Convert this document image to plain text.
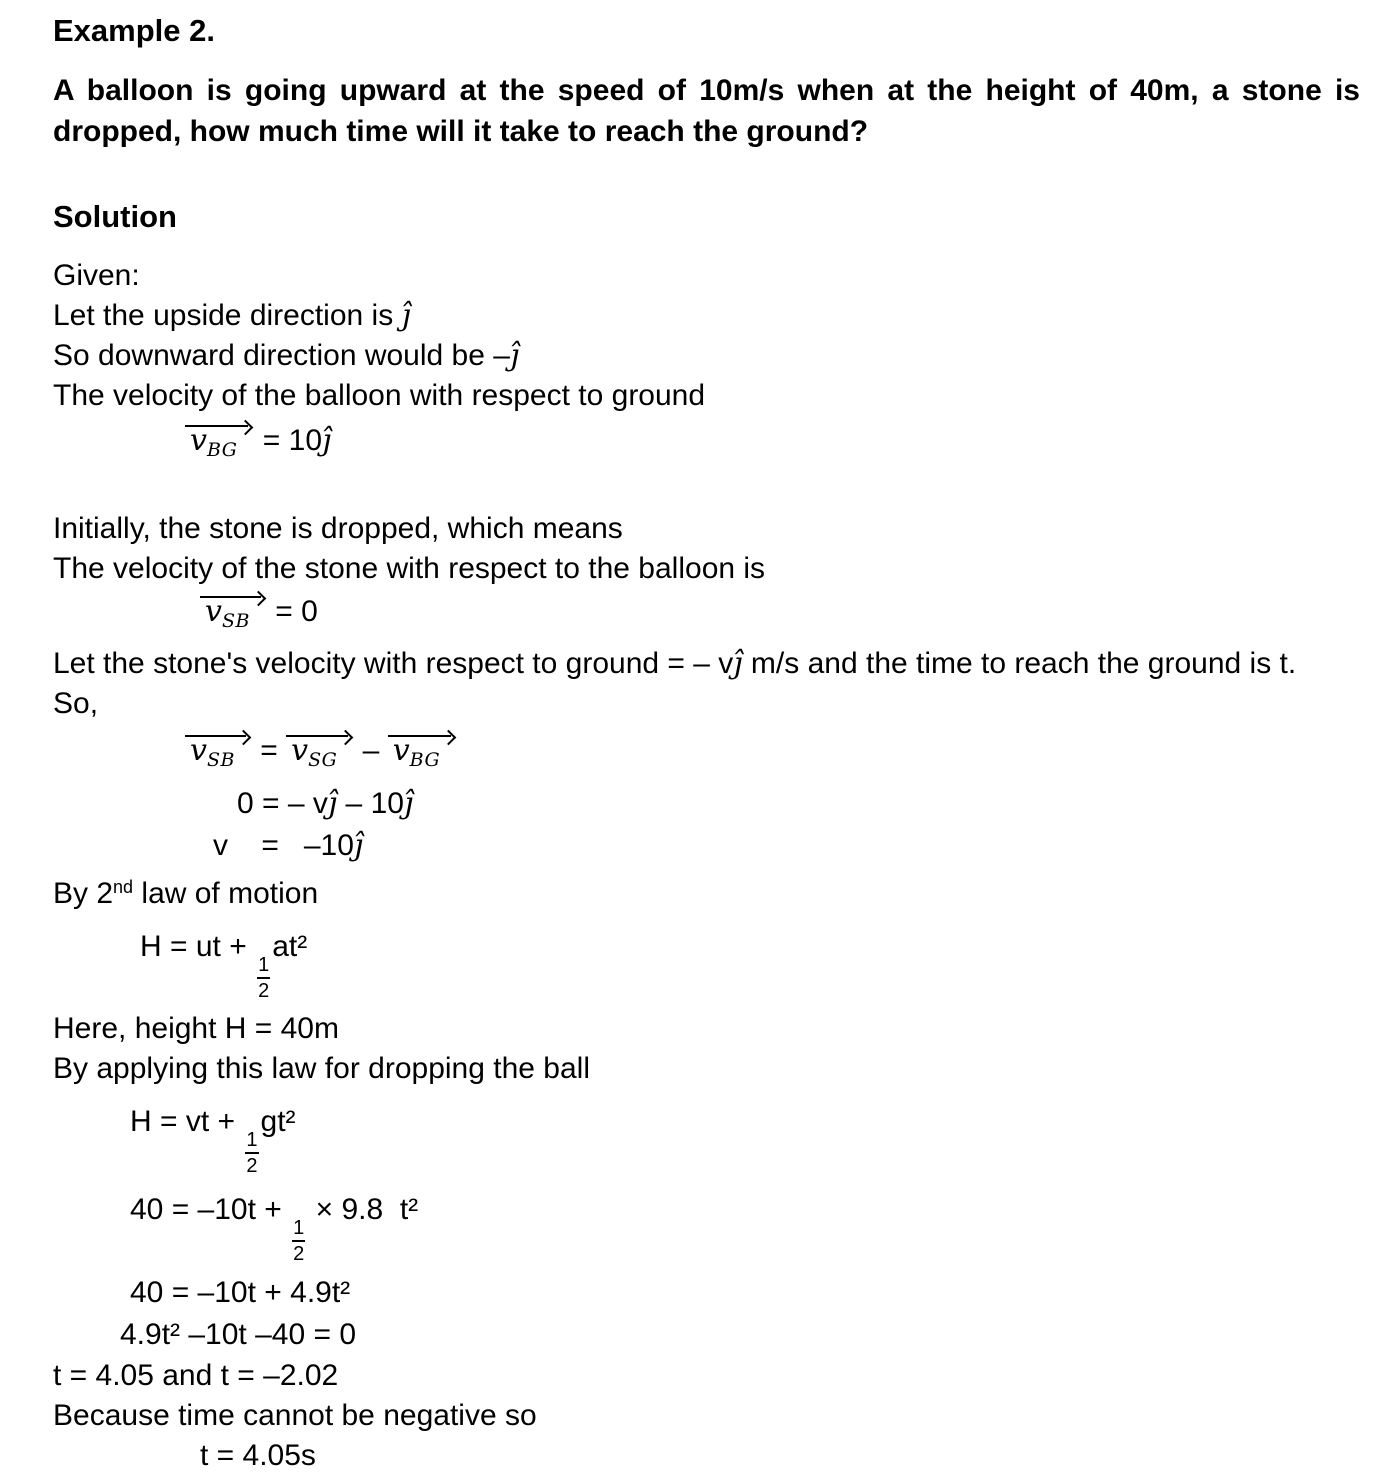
Example 2.

A balloon is going upward at the speed of 10m/s when at the height of 40m, a stone is dropped, how much time will it take to reach the ground?

Solution
Given:
Let the upside direction is ĵ
So downward direction would be –ĵ
The velocity of the balloon with respect to ground
$v_{BG}$ = 10ĵ
Initially, the stone is dropped, which means
The velocity of the stone with respect to the balloon is
$v_{SB} = 0$
Let the stone's velocity with respect to ground = – vĵ m/s and the time to reach the ground is t.
So,
$v_{SB} = v_{SG} - v_{BG}$
0 = – vĵ – 10ĵ
v    =   –10ĵ
By 2nd law of motion
H = ut +
$\frac{1}{2}$
at²
Here, height H = 40m
By applying this law for dropping the ball
H = vt +
$\frac{1}{2}$
gt²
40 = –10t +
$\frac{1}{2}$
× 9.8  t²
40 = –10t + 4.9t²
4.9t² –10t –40 = 0
t = 4.05 and t = –2.02
Because time cannot be negative so
t = 4.05s
